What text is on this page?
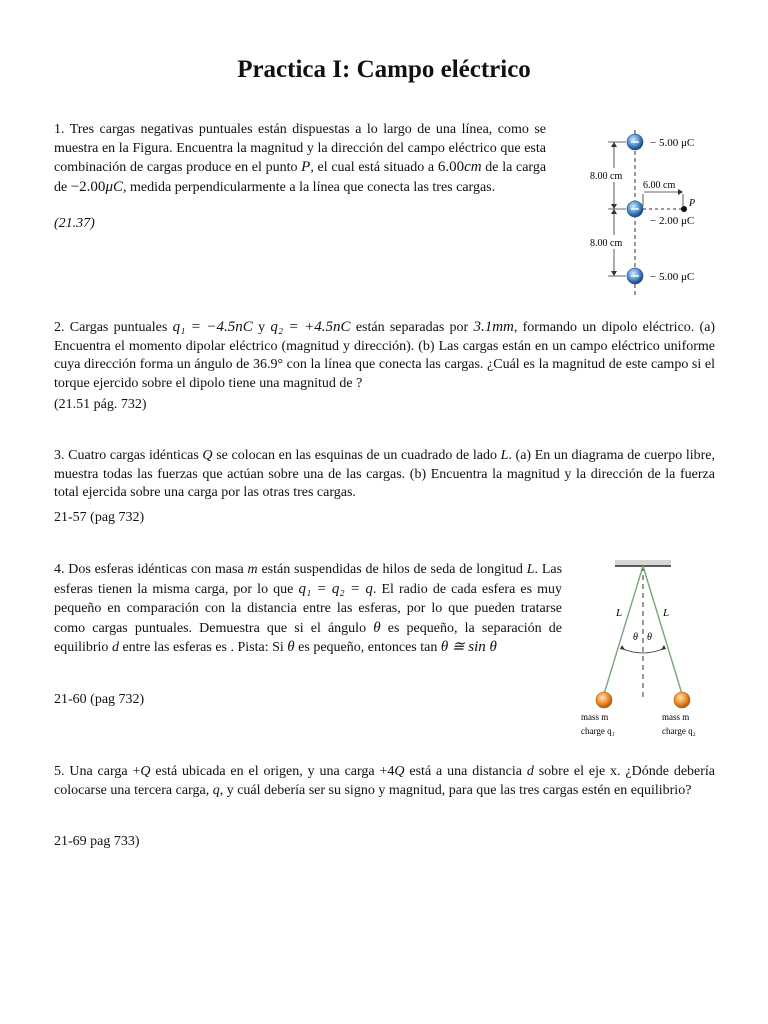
Practica I: Campo eléctrico
1. Tres cargas negativas puntuales están dispuestas a lo largo de una línea, como se muestra en la Figura. Encuentra la magnitud y la dirección del campo eléctrico que esta combinación de cargas produce en el punto P, el cual está situado a 6.00cm de la carga de −2.00μC, medida perpendicularmente a la línea que conecta las tres cargas.
(21.37)
8.00 cm
8.00 cm
6.00 cm
P
− 5.00 μC
− 2.00 μC
− 5.00 μC
2. Cargas puntuales q₁ = −4.5nC y q₂ = +4.5nC están separadas por 3.1mm, formando un dipolo eléctrico. (a) Encuentra el momento dipolar eléctrico (magnitud y dirección). (b) Las cargas están en un campo eléctrico uniforme cuya dirección forma un ángulo de 36.9° con la línea que conecta las cargas. ¿Cuál es la magnitud de este campo si el torque ejercido sobre el dipolo tiene una magnitud de ?
(21.51 pág. 732)
3. Cuatro cargas idénticas Q se colocan en las esquinas de un cuadrado de lado L. (a) En un diagrama de cuerpo libre, muestra todas las fuerzas que actúan sobre una de las cargas. (b) Encuentra la magnitud y la dirección de la fuerza total ejercida sobre una carga por las otras tres cargas.
21-57 (pag 732)
4. Dos esferas idénticas con masa m están suspendidas de hilos de seda de longitud L. Las esferas tienen la misma carga, por lo que q₁ = q₂ = q. El radio de cada esfera es muy pequeño en comparación con la distancia entre las esferas, por lo que pueden tratarse como cargas puntuales. Demuestra que si el ángulo θ es pequeño, la separación de equilibrio d entre las esferas es . Pista: Si θ es pequeño, entonces tan θ ≅ sin θ
21-60 (pag 732)
θ θ
L	L
mass m
charge q₁
mass m
charge q₂
5. Una carga +Q está ubicada en el origen, y una carga +4Q está a una distancia d sobre el eje x. ¿Dónde debería colocarse una tercera carga, q, y cuál debería ser su signo y magnitud, para que las tres cargas estén en equilibrio?
21-69 pag 733)
